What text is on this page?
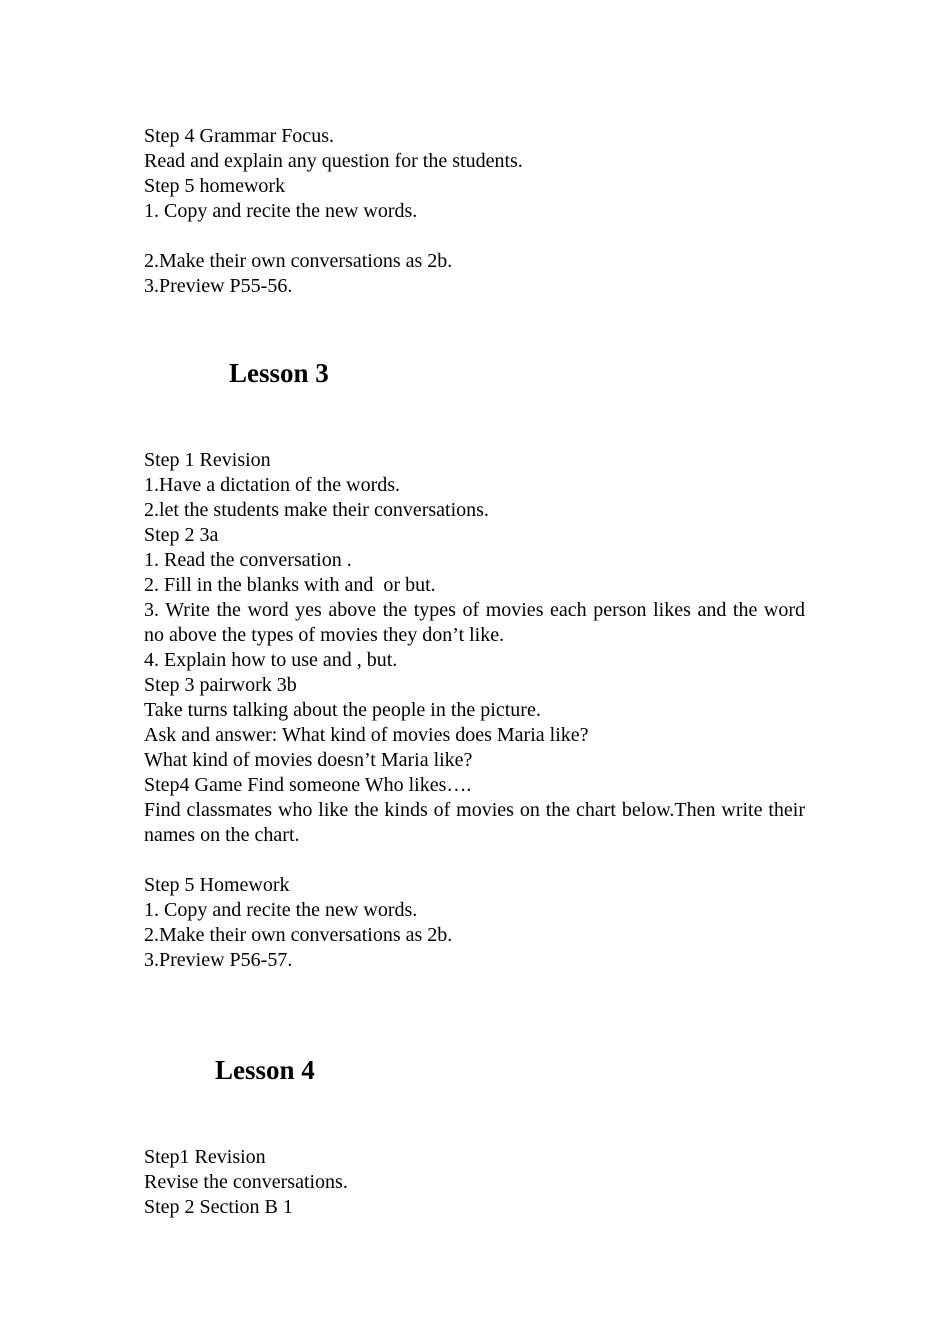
Step 4 Grammar Focus.
Read and explain any question for the students.
Step 5 homework
1. Copy and recite the new words.
2.Make their own conversations as 2b.
3.Preview P55-56.
Lesson 3
Step 1 Revision
1.Have a dictation of the words.
2.let the students make their conversations.
Step 2 3a
1. Read the conversation .
2. Fill in the blanks with and  or but.
3. Write the word yes above the types of movies each person likes and the word no above the types of movies they don’t like.
4. Explain how to use and , but.
Step 3 pairwork 3b
Take turns talking about the people in the picture.
Ask and answer: What kind of movies does Maria like?
What kind of movies doesn’t Maria like?
Step4 Game Find someone Who likes….
Find classmates who like the kinds of movies on the chart below.Then write their names on the chart.
Step 5 Homework
1. Copy and recite the new words.
2.Make their own conversations as 2b.
3.Preview P56-57.
Lesson 4
Step1 Revision
Revise the conversations.
Step 2 Section B 1
